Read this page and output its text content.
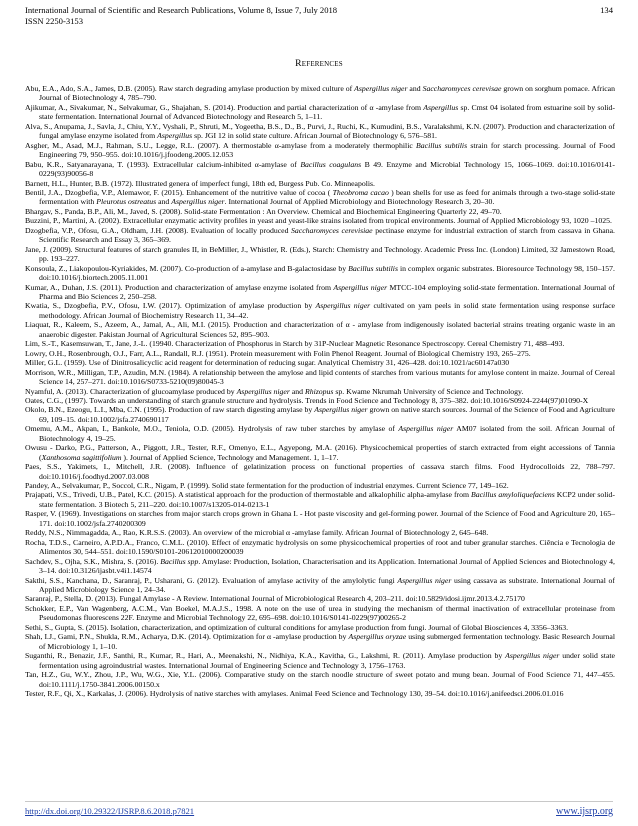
International Journal of Scientific and Research Publications, Volume 8, Issue 7, July 2018	134
ISSN 2250-3153
References
Abu, E.A., Ado, S.A., James, D.B. (2005). Raw starch degrading amylase production by mixed culture of Aspergillus niger and Saccharomyces cerevisae grown on sorghum pomace. African Journal of Biotechnology 4, 785–790.
Ajikumar, A., Sivakumar, N., Selvakumar, G., Shajahan, S. (2014). Production and partial characterization of α -amylase from Aspergillus sp. Cmst 04 isolated from estuarine soil by solid-state fermentation. International Journal of Advanced Biotechnology and Research 5, 1–11.
Alva, S., Anupama, J., Savla, J., Chiu, Y.Y., Vyshali, P., Shruti, M., Yogeetha, B.S., D., B., Purvi, J., Ruchi, K., Kumudini, B.S., Varalakshmi, K.N. (2007). Production and characterization of fungal amylase enzyme isolated from Aspergillus sp. JGI 12 in solid state culture. African Journal of Biotechnology 6, 576–581.
Asgher, M., Asad, M.J., Rahman, S.U., Legge, R.L. (2007). A thermostable α-amylase from a moderately thermophilic Bacillus subtilis strain for starch processing. Journal of Food Engineering 79, 950–955. doi:10.1016/j.jfoodeng.2005.12.053
Babu, K.R., Satyanarayana, T. (1993). Extracellular calcium-inhibited α-amylase of Bacillus coagulans B 49. Enzyme and Microbial Technology 15, 1066–1069. doi:10.1016/0141-0229(93)90056-8
Barnett, H.L., Hunter, B.B. (1972). Illustrated genera of imperfect fungi, 18th ed, Burgess Pub. Co. Minneapolis.
Bentil, J.A., Dzogbefia, V.P., Alemawor, F. (2015). Enhancement of the nutritive value of cocoa ( Theobroma cacao ) bean shells for use as feed for animals through a two-stage solid-state fermentation with Pleurotus ostreatus and Aspergillus niger. International Journal of Applied Microbiology and Biotechnology Research 3, 20–30.
Bhargav, S., Panda, B.P., Ali, M., Javed, S. (2008). Solid-state Fermentation : An Overview. Chemical and Biochemical Engineering Quarterly 22, 49–70.
Buzzini, P., Martini, A. (2002). Extracellular enzymatic activity profiles in yeast and yeast-like strains isolated from tropical environments. Journal of Applied Microbiology 93, 1020 –1025.
Dzogbefia, V.P., Ofosu, G.A., Oldham, J.H. (2008). Evaluation of locally produced Saccharomyces cerevisiae pectinase enzyme for industrial extraction of starch from cassava in Ghana. Scientific Research and Essay 3, 365–369.
Jane, J. (2009). Structural features of starch granules II, in BeMiller, J., Whistler, R. (Eds.), Starch: Chemistry and Technology. Academic Press Inc. (London) Limited, 32 Jamestown Road, pp. 193–227.
Konsoula, Z., Liakopoulou-Kyriakides, M. (2007). Co-production of a-amylase and B-galactosidase by Bacillus subtilis in complex organic substrates. Bioresource Technology 98, 150–157. doi:10.1016/j.biortech.2005.11.001
Kumar, A., Duhan, J.S. (2011). Production and characterization of amylase enzyme isolated from Aspergillus niger MTCC-104 employing solid-state fermentation. International Journal of Pharma and Bio Sciences 2, 250–258.
Kwatia, S., Dzogbefia, P.V., Ofosu, I.W. (2017). Optimization of amylase production by Aspergillus niger cultivated on yam peels in solid state fermentation using response surface methodology. African Journal of Biochemistry Research 11, 34–42.
Liaquat, R., Kaleem, S., Azeem, A., Jamal, A., Ali, M.I. (2015). Production and characterization of α - amylase from indigenously isolated bacterial strains treating organic waste in an anaerobic digester. Pakistan Journal of Agricultural Sciences 52, 895–903.
Lim, S.-T., Kasemsuwan, T., Jane, J.-L. (19940. Characterization of Phosphorus in Starch by 31P-Nuclear Magnetic Resonance Spectroscopy. Cereal Chemistry 71, 488–493.
Lowry, O.H., Rosenbrough, O.J., Farr, A.L., Randall, R.J. (1951). Protein measurement with Folin Phenol Reagent. Journal of Biological Chemistry 193, 265–275.
Miller, G.L. (1959). Use of Dinitrosalicyclic acid reagent for determination of reducing sugar. Analytical Chemistry 31, 426–428. doi:10.1021/ac60147a030
Morrison, W.R., Milligan, T.P., Azudin, M.N. (1984). A relationship between the amylose and lipid contents of starches from various mutants for amylose content in maize. Journal of Cereal Science 14, 257–271. doi:10.1016/S0733-5210(09)80045-3
Nyamful, A. (2013). Characterization of glucoamylase produced by Aspergillus niger and Rhizopus sp. Kwame Nkrumah University of Science and Technology.
Oates, C.G., (1997). Towards an understanding of starch granule structure and hydrolysis. Trends in Food Science and Technology 8, 375–382. doi:10.1016/S0924-2244(97)01090-X
Okolo, B.N., Ezeogu, L.I., Mba, C.N. (1995). Production of raw starch digesting amylase by Aspergillus niger grown on native starch sources. Journal of the Science of Food and Agriculture 69, 109–15. doi:10.1002/jsfa.2740690117
Omemu, A.M., Akpan, I., Bankole, M.O., Teniola, O.D. (2005). Hydrolysis of raw tuber starches by amylase of Aspergillus niger AM07 isolated from the soil. African Journal of Biotechnology 4, 19–25.
Owusu - Darko, P.G., Patterson, A., Piggott, J.R., Tester, R.F., Omenyo, E.L., Agyepong, M.A. (2016). Physicochemical properties of starch extracted from eight accessions of Tannia (Xanthosoma sagittifolium ). Journal of Applied Science, Technology and Management. 1, 1–17.
Paes, S.S., Yakimets, I., Mitchell, J.R. (2008). Influence of gelatinization process on functional properties of cassava starch films. Food Hydrocolloids 22, 788–797. doi:10.1016/j.foodhyd.2007.03.008
Pandey, A., Selvakumar, P., Soccol, C.R., Nigam, P. (1999). Solid state fermentation for the production of industrial enzymes. Current Science 77, 149–162.
Prajapati, V.S., Trivedi, U.B., Patel, K.C. (2015). A statistical approach for the production of thermostable and alkalophilic alpha-amylase from Bacillus amyloliquefaciens KCP2 under solid-state fermentation. 3 Biotech 5, 211–220. doi:10.1007/s13205-014-0213-1
Rasper, V. (1969). Investigations on starches from major starch crops grown in Ghana I. - Hot paste viscosity and gel-forming power. Journal of the Science of Food and Agriculture 20, 165–171. doi:10.1002/jsfa.2740200309
Reddy, N.S., Nimmagadda, A., Rao, K.R.S.S. (2003). An overview of the microbial α -amylase family. African Journal of Biotechnology 2, 645–648.
Rocha, T.D.S., Carneiro, A.P.D.A., Franco, C.M.L. (2010). Effect of enzymatic hydrolysis on some physicochemical properties of root and tuber granular starches. Ciência e Tecnologia de Alimentos 30, 544–551. doi:10.1590/S0101-20612010000200039
Sachdev, S., Ojha, S.K., Mishra, S. (2016). Bacillus spp. Amylase: Production, Isolation, Characterisation and its Application. International Journal of Applied Sciences and Biotechnology 4, 3–14. doi:10.3126/ijasbt.v4i1.14574
Sakthi, S.S., Kanchana, D., Saranraj, P., Usharani, G. (2012). Evaluation of amylase activity of the amylolytic fungi Aspergillus niger using cassava as substrate. International Journal of Applied Microbiology Science 1, 24–34.
Saranraj, P., Stella, D. (2013). Fungal Amylase - A Review. International Journal of Microbiological Research 4, 203–211. doi:10.5829/idosi.ijmr.2013.4.2.75170
Schokker, E.P., Van Wagenberg, A.C.M., Van Boekel, M.A.J.S., 1998. A note on the use of urea in studying the mechanism of thermal inactivation of extracellular proteinase from Pseudomonas fluorescens 22F. Enzyme and Microbial Technology 22, 695–698. doi:10.1016/S0141-0229(97)00265-2
Sethi, S., Gupta, S. (2015). Isolation, characterization, and optimization of cultural conditions for amylase production from fungi. Journal of Global Biosciences 4, 3356–3363.
Shah, I.J., Gami, P.N., Shukla, R.M., Acharya, D.K. (2014). Optimization for α -amylase production by Aspergillus oryzae using submerged fermentation technology. Basic Research Journal of Microbiology 1, 1–10.
Suganthi, R., Benazir, J.F., Santhi, R., Kumar, R., Hari, A., Meenakshi, N., Nidhiya, K.A., Kavitha, G., Lakshmi, R. (2011). Amylase production by Aspergillus niger under solid state fermentation using agroindustrial wastes. International Journal of Engineering Science and Technology 3, 1756–1763.
Tan, H.Z., Gu, W.Y., Zhou, J.P., Wu, W.G., Xie, Y.L. (2006). Comparative study on the starch noodle structure of sweet potato and mung bean. Journal of Food Science 71, 447–455. doi:10.1111/j.1750-3841.2006.00150.x
Tester, R.F., Qi, X., Karkalas, J. (2006). Hydrolysis of native starches with amylases. Animal Feed Science and Technology 130, 39–54. doi:10.1016/j.anifeedsci.2006.01.016
http://dx.doi.org/10.29322/IJSRP.8.6.2018.p7821	www.ijsrp.org
